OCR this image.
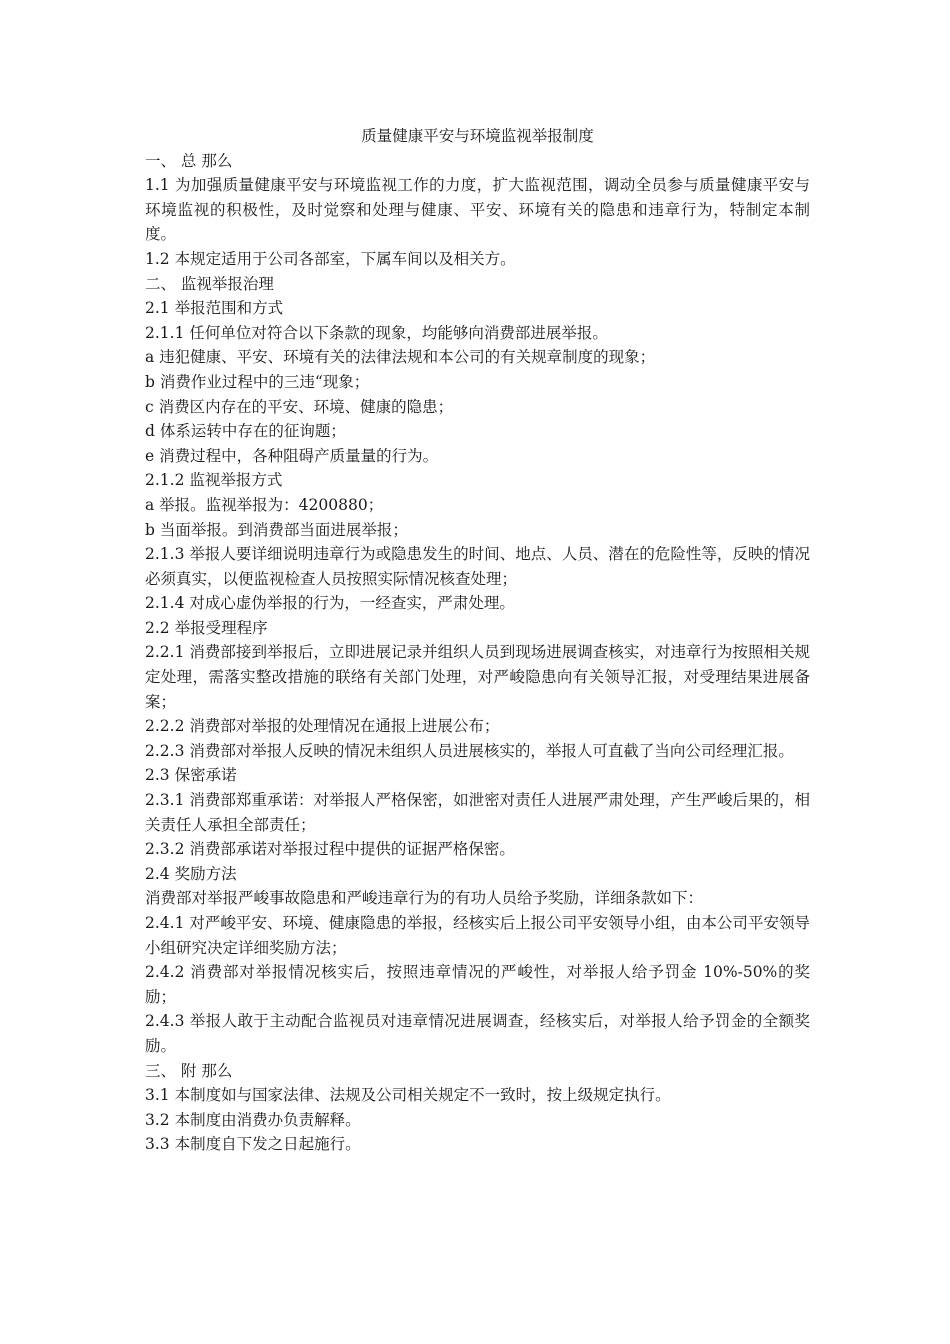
质量健康平安与环境监视举报制度

一、 总 那么

1.1 为加强质量健康平安与环境监视工作的力度，扩大监视范围，调动全员参与质量健康平安与环境监视的积极性，及时觉察和处理与健康、平安、环境有关的隐患和违章行为，特制定本制度。

1.2 本规定适用于公司各部室，下属车间以及相关方。

二、 监视举报治理

2.1 举报范围和方式

2.1.1 任何单位对符合以下条款的现象，均能够向消费部进展举报。

a 违犯健康、平安、环境有关的法律法规和本公司的有关规章制度的现象；

b 消费作业过程中的三违“现象；

c 消费区内存在的平安、环境、健康的隐患；

d 体系运转中存在的征询题；

e 消费过程中，各种阻碍产质量量的行为。

2.1.2 监视举报方式

a 举报。监视举报为：4200880；

b 当面举报。到消费部当面进展举报；

2.1.3 举报人要详细说明违章行为或隐患发生的时间、地点、人员、潜在的危险性等，反映的情况必须真实，以便监视检查人员按照实际情况核查处理；

2.1.4 对成心虚伪举报的行为，一经查实，严肃处理。

2.2 举报受理程序

2.2.1 消费部接到举报后，立即进展记录并组织人员到现场进展调查核实，对违章行为按照相关规定处理，需落实整改措施的联络有关部门处理，对严峻隐患向有关领导汇报，对受理结果进展备案；

2.2.2 消费部对举报的处理情况在通报上进展公布；

2.2.3 消费部对举报人反映的情况未组织人员进展核实的，举报人可直截了当向公司经理汇报。

2.3 保密承诺

2.3.1 消费部郑重承诺：对举报人严格保密，如泄密对责任人进展严肃处理，产生严峻后果的，相关责任人承担全部责任；

2.3.2 消费部承诺对举报过程中提供的证据严格保密。

2.4 奖励方法

消费部对举报严峻事故隐患和严峻违章行为的有功人员给予奖励，详细条款如下：

2.4.1 对严峻平安、环境、健康隐患的举报，经核实后上报公司平安领导小组，由本公司平安领导小组研究决定详细奖励方法；

2.4.2 消费部对举报情况核实后，按照违章情况的严峻性，对举报人给予罚金 10%-50%的奖励；

2.4.3 举报人敢于主动配合监视员对违章情况进展调查，经核实后，对举报人给予罚金的全额奖励。

三、 附 那么

3.1 本制度如与国家法律、法规及公司相关规定不一致时，按上级规定执行。

3.2 本制度由消费办负责解释。

3.3 本制度自下发之日起施行。
